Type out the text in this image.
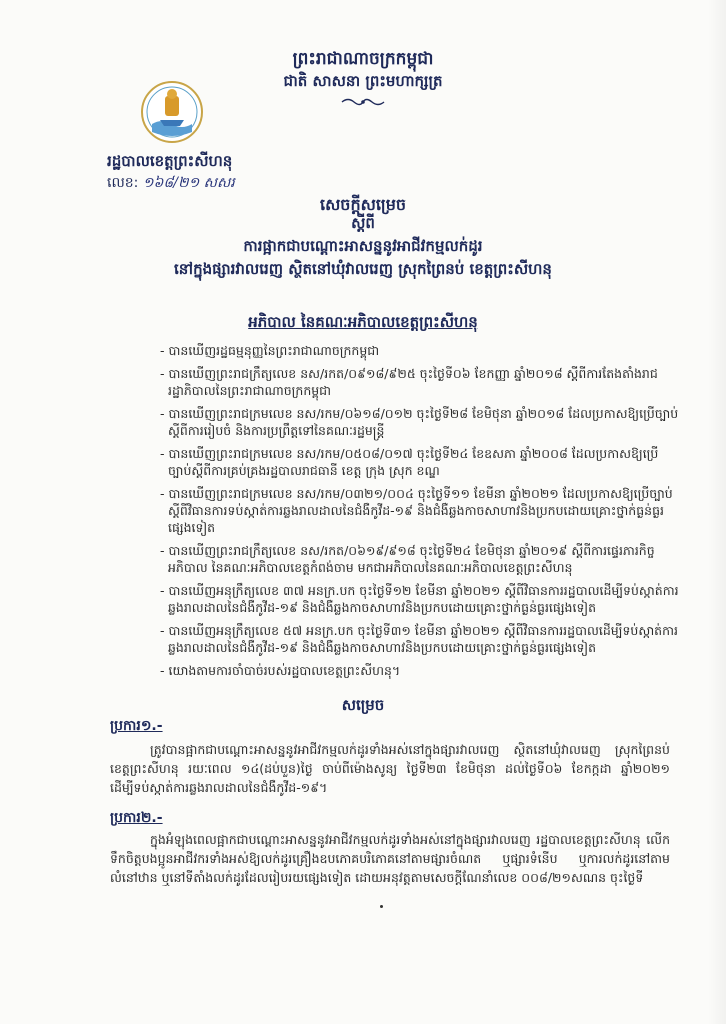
ព្រះរាជាណាចក្រកម្ពុជា
ជាតិ សាសនា ព្រះមហាក្សត្រ
រដ្ឋបាលខេត្តព្រះសីហនុ
លេខ: ១៦៨/២១ សសរ
សេចក្តីសម្រេច
ស្តីពី
ការផ្អាកជាបណ្តោះអាសន្ននូវអាជីវកម្មលក់ដូរ
នៅក្នុងផ្សារវាលរេញ ស្ថិតនៅឃុំវាលរេញ ស្រុកព្រៃនប់ ខេត្តព្រះសីហនុ
អភិបាល នៃគណៈអភិបាលខេត្តព្រះសីហនុ
- បានឃើញរដ្ឋធម្មនុញ្ញនៃព្រះរាជាណាចក្រកម្ពុជា
- បានឃើញព្រះរាជក្រឹត្យលេខ នស/រកត/០៩១៨/៩២៥ ចុះថ្ងៃទី០៦ ខែកញ្ញា ឆ្នាំ២០១៨ ស្តីពីការតែងតាំងរាជរដ្ឋាភិបាលនៃព្រះរាជាណាចក្រកម្ពុជា
- បានឃើញព្រះរាជក្រមលេខ នស/រកម/០៦១៨/០១២ ចុះថ្ងៃទី២៨ ខែមិថុនា ឆ្នាំ២០១៨ ដែលប្រកាសឱ្យប្រើច្បាប់ស្តីពីការរៀបចំ និងការប្រព្រឹត្តទៅនៃគណៈរដ្ឋមន្ត្រី
- បានឃើញព្រះរាជក្រមលេខ នស/រកម/០៥០៨/០១៧ ចុះថ្ងៃទី២៤ ខែឧសភា ឆ្នាំ២០០៨ ដែលប្រកាសឱ្យប្រើច្បាប់ស្តីពីការគ្រប់គ្រងរដ្ឋបាលរាជធានី ខេត្ត ក្រុង ស្រុក ខណ្ឌ
- បានឃើញព្រះរាជក្រមលេខ នស/រកម/០៣២១/០០៤ ចុះថ្ងៃទី១១ ខែមីនា ឆ្នាំ២០២១ ដែលប្រកាសឱ្យប្រើច្បាប់ស្តីពីវិធានការទប់ស្កាត់ការឆ្លងរាលដាលនៃជំងឺកូវីដ-១៩ និងជំងឺឆ្លងកាចសាហាវនិងប្រកបដោយគ្រោះថ្នាក់ធ្ងន់ធ្ងរផ្សេងទៀត
- បានឃើញព្រះរាជក្រឹត្យលេខ នស/រកត/០៦១៩/៩១៨ ចុះថ្ងៃទី២៤ ខែមិថុនា ឆ្នាំ២០១៩ ស្តីពីការផ្ទេរភារកិច្ចអភិបាល នៃគណៈអភិបាលខេត្តកំពង់ចាម មកជាអភិបាលនៃគណៈអភិបាលខេត្តព្រះសីហនុ
- បានឃើញអនុក្រឹត្យលេខ ៣៧ អនក្រ.បក ចុះថ្ងៃទី១២ ខែមីនា ឆ្នាំ២០២១ ស្តីពីវិធានការរដ្ឋបាលដើម្បីទប់ស្កាត់ការឆ្លងរាលដាលនៃជំងឺកូវីដ-១៩ និងជំងឺឆ្លងកាចសាហាវនិងប្រកបដោយគ្រោះថ្នាក់ធ្ងន់ធ្ងរផ្សេងទៀត
- បានឃើញអនុក្រឹត្យលេខ ៥៧ អនក្រ.បក ចុះថ្ងៃទី៣១ ខែមីនា ឆ្នាំ២០២១ ស្តីពីវិធានការរដ្ឋបាលដើម្បីទប់ស្កាត់ការឆ្លងរាលដាលនៃជំងឺកូវីដ-១៩ និងជំងឺឆ្លងកាចសាហាវនិងប្រកបដោយគ្រោះថ្នាក់ធ្ងន់ធ្ងរផ្សេងទៀត
- យោងតាមការចាំបាច់របស់រដ្ឋបាលខេត្តព្រះសីហនុ។
សម្រេច
ប្រការ១.-
ត្រូវបានផ្អាកជាបណ្តោះអាសន្ននូវអាជីវកម្មលក់ដូរទាំងអស់នៅក្នុងផ្សារវាលរេញ ស្ថិតនៅឃុំវាលរេញ ស្រុកព្រៃនប់ ខេត្តព្រះសីហនុ រយៈពេល ១៤(ដប់បួន)ថ្ងៃ ចាប់ពីម៉ោងសូន្យ ថ្ងៃទី២៣ ខែមិថុនា ដល់ថ្ងៃទី០៦ ខែកក្កដា ឆ្នាំ២០២១ ដើម្បីទប់ស្កាត់ការឆ្លងរាលដាលនៃជំងឺកូវីដ-១៩។
ប្រការ២.-
ក្នុងអំឡុងពេលផ្អាកជាបណ្តោះអាសន្ននូវអាជីវកម្មលក់ដូរទាំងអស់នៅក្នុងផ្សារវាលរេញ រដ្ឋបាលខេត្តព្រះសីហនុ លើកទឹកចិត្តបងប្អូនអាជីវករទាំងអស់ឱ្យលក់ដូរគ្រឿងឧបភោគបរិភោគនៅតាមផ្សារចំណត ឬផ្សារទំនើប ឬការលក់ដូរនៅតាមលំនៅឋាន ឬនៅទីតាំងលក់ដូរដែលរៀបរយផ្សេងទៀត ដោយអនុវត្តតាមសេចក្តីណែនាំលេខ ០០៨/២១សណន ចុះថ្ងៃទី
